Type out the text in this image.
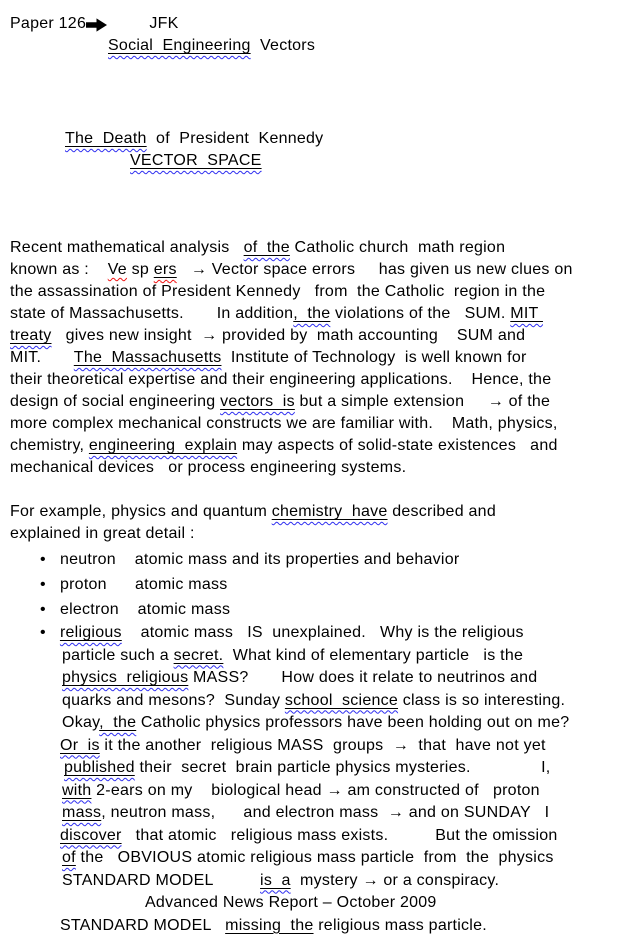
Paper 126         JFK
Social  Engineering  Vectors
The  Death  of  President  Kennedy
VECTOR  SPACE
Recent mathematical analysis   of  the Catholic church  math region
known as :    Ve sp ers   → Vector space errors     has given us new clues on
the assassination of President Kennedy   from  the Catholic  region in the
state of Massachusetts.       In addition,  the violations of the   SUM. MIT
treaty   gives new insight  → provided by  math accounting    SUM and
MIT.       The  Massachusetts  Institute of Technology  is well known for
their theoretical expertise and their engineering applications.    Hence, the
design of social engineering vectors  is but a simple extension     → of the
more complex mechanical constructs we are familiar with.    Math, physics,
chemistry, engineering  explain may aspects of solid-state existences   and
mechanical devices   or process engineering systems.
For example, physics and quantum chemistry  have described and
explained in great detail :
•   neutron    atomic mass and its properties and behavior
•   proton      atomic mass
•   electron    atomic mass
•   religious    atomic mass   IS  unexplained.   Why is the religious
particle such a secret.  What kind of elementary particle   is the
physics  religious MASS?       How does it relate to neutrinos and
quarks and mesons?  Sunday school  science class is so interesting.
Okay,  the Catholic physics professors have been holding out on me?
Or  is it the another  religious MASS  groups  →  that  have not yet
published their  secret  brain particle physics mysteries.               I,
with 2-ears on my    biological head → am constructed of   proton
mass, neutron mass,      and electron mass  → and on SUNDAY   I
discover   that atomic   religious mass exists.          But the omission
of the   OBVIOUS atomic religious mass particle  from  the  physics
STANDARD MODEL          is  a  mystery → or a conspiracy.
Advanced News Report – October 2009
STANDARD MODEL   missing  the religious mass particle.
